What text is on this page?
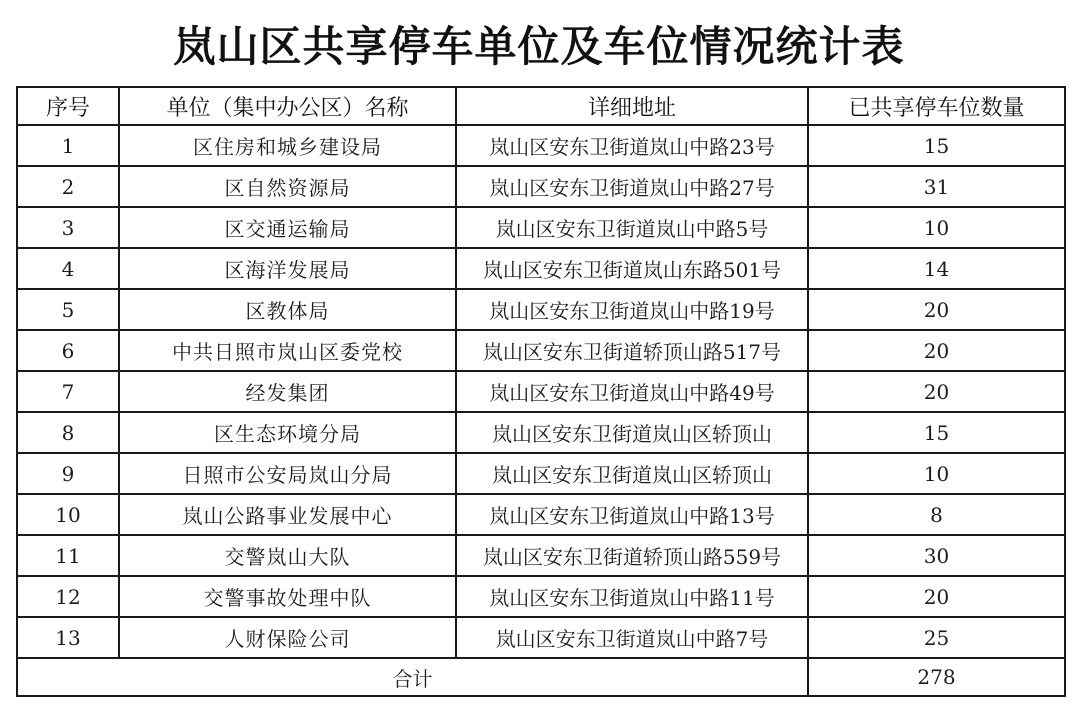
岚山区共享停车单位及车位情况统计表
序号	单位（集中办公区）名称	详细地址	已共享停车位数量
1	区住房和城乡建设局	岚山区安东卫街道岚山中路23号	15
2	区自然资源局	岚山区安东卫街道岚山中路27号	31
3	区交通运输局	岚山区安东卫街道岚山中路5号	10
4	区海洋发展局	岚山区安东卫街道岚山东路501号	14
5	区教体局	岚山区安东卫街道岚山中路19号	20
6	中共日照市岚山区委党校	岚山区安东卫街道轿顶山路517号	20
7	经发集团	岚山区安东卫街道岚山中路49号	20
8	区生态环境分局	岚山区安东卫街道岚山区轿顶山	15
9	日照市公安局岚山分局	岚山区安东卫街道岚山区轿顶山	10
10	岚山公路事业发展中心	岚山区安东卫街道岚山中路13号	8
11	交警岚山大队	岚山区安东卫街道轿顶山路559号	30
12	交警事故处理中队	岚山区安东卫街道岚山中路11号	20
13	人财保险公司	岚山区安东卫街道岚山中路7号	25
合计			278
